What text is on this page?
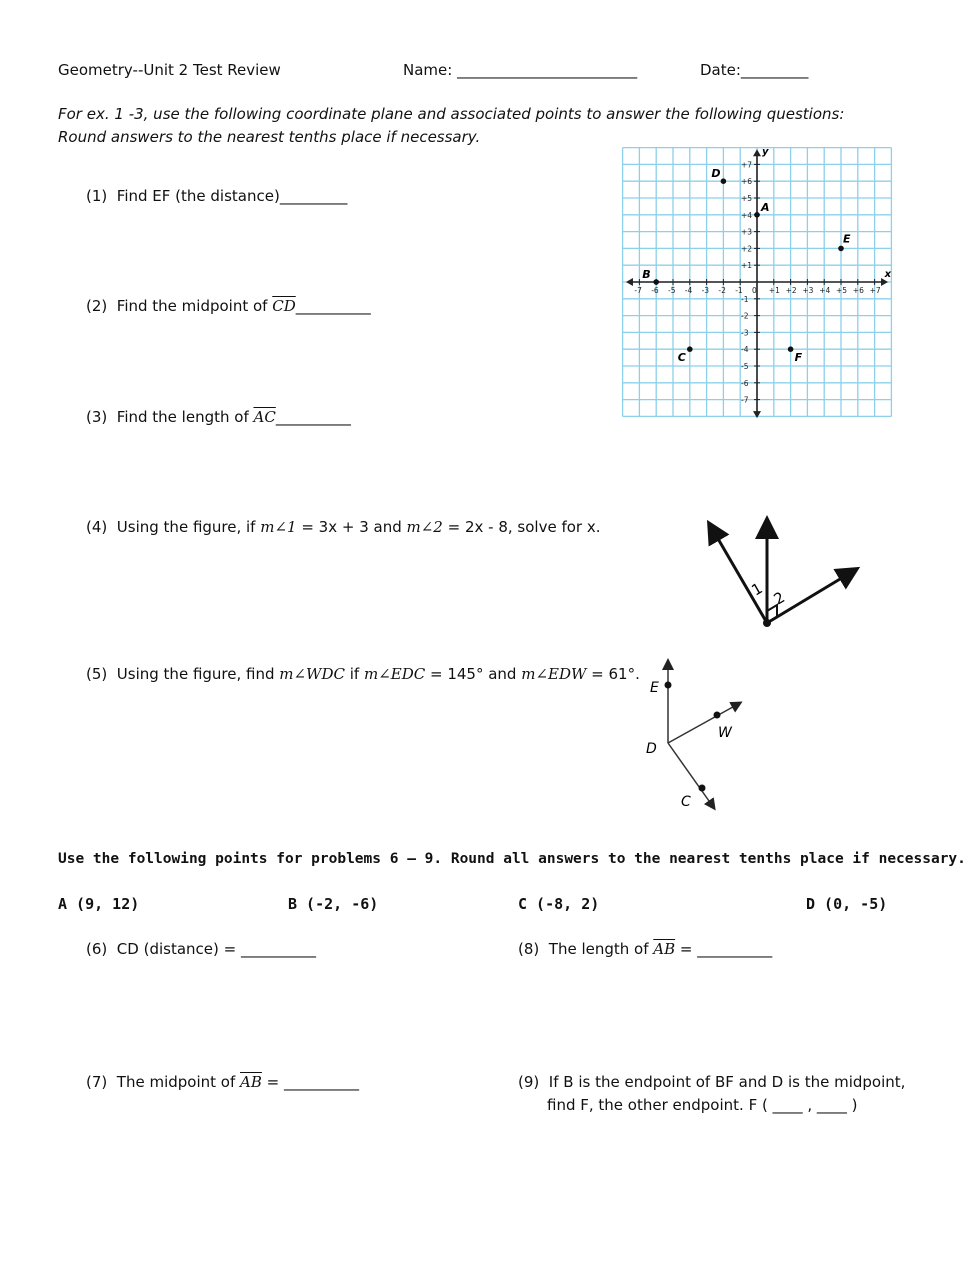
Geometry--Unit 2 Test Review	Name: ________________________	Date:_________
For ex. 1 -3, use the following coordinate plane and associated points to answer the following questions:
Round answers to the nearest tenths place if necessary.
(1) Find EF (the distance)_________
(2) Find the midpoint of $\overline{CD}\_\_\_\_\_\_\_\_\_\_$
(3) Find the length of $\overline{AC}\_\_\_\_\_\_\_\_\_\_$
(4) Using the figure, if m∠1 = 3x + 3 and m∠2 = 2x - 8, solve for x.
(5) Using the figure, find m∠WDC if m∠EDC = 145° and m∠EDW = 61°.
Use the following points for problems 6 – 9. Round all answers to the nearest tenths place if necessary.
A (9, 12)	B (-2, -6)	C (-8, 2)	D (0, -5)
(6) CD (distance) = __________	(8) The length of $\overline{AB}$ = __________
(7) The midpoint of $\overline{AB}$ = __________	(9) If B is the endpoint of BF and D is the midpoint,
find F, the other endpoint. F ( ____ , ____ )
x
y
-7 -6 -5 -4 -3 -2 -1 0 +1 +2 +3 +4 +5 +6 +7
+7
+6
+5
+4
+3
+2
+1
-1
-2
-3
-4
-5
-6
-7
A
B
C
D
E
F
1 2
E
D
W
C
